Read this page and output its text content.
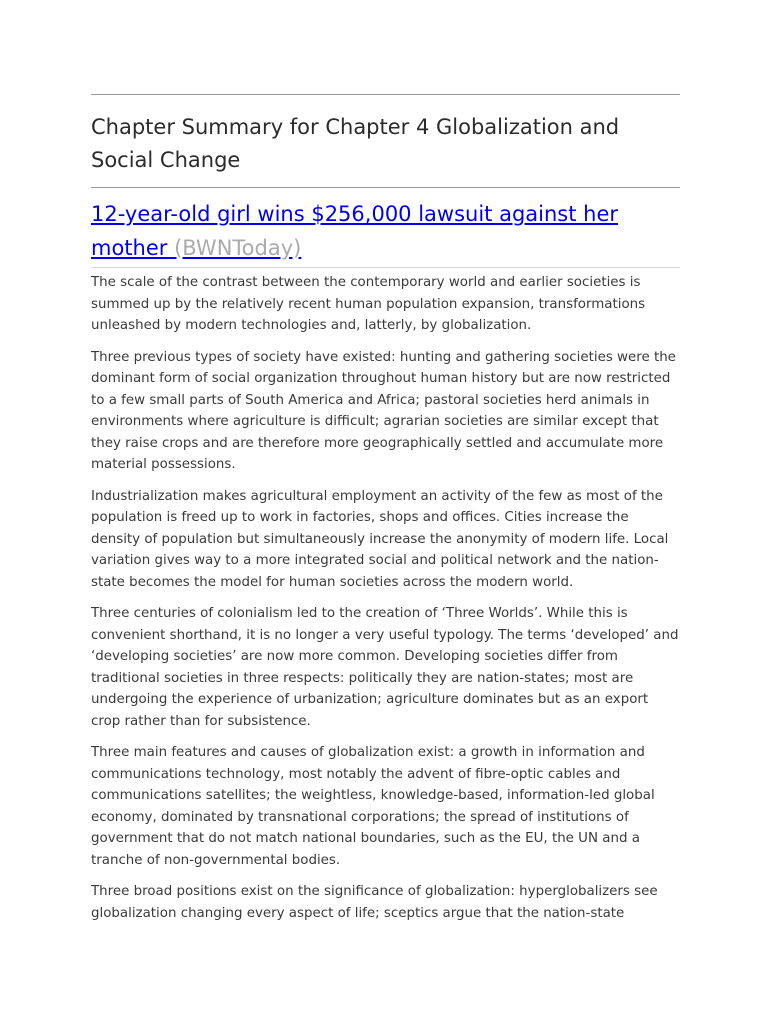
Chapter Summary for Chapter 4 Globalization and Social Change
12-year-old girl wins $256,000 lawsuit against her mother (BWNToday)

The scale of the contrast between the contemporary world and earlier societies is summed up by the relatively recent human population expansion, transformations unleashed by modern technologies and, latterly, by globalization.

Three previous types of society have existed: hunting and gathering societies were the dominant form of social organization throughout human history but are now restricted to a few small parts of South America and Africa; pastoral societies herd animals in environments where agriculture is difficult; agrarian societies are similar except that they raise crops and are therefore more geographically settled and accumulate more material possessions.

Industrialization makes agricultural employment an activity of the few as most of the population is freed up to work in factories, shops and offices. Cities increase the density of population but simultaneously increase the anonymity of modern life. Local variation gives way to a more integrated social and political network and the nation-state becomes the model for human societies across the modern world.

Three centuries of colonialism led to the creation of ‘Three Worlds’. While this is convenient shorthand, it is no longer a very useful typology. The terms ‘developed’ and ‘developing societies’ are now more common. Developing societies differ from traditional societies in three respects: politically they are nation-states; most are undergoing the experience of urbanization; agriculture dominates but as an export crop rather than for subsistence.

Three main features and causes of globalization exist: a growth in information and communications technology, most notably the advent of fibre-optic cables and communications satellites; the weightless, knowledge-based, information-led global economy, dominated by transnational corporations; the spread of institutions of government that do not match national boundaries, such as the EU, the UN and a tranche of non-governmental bodies.

Three broad positions exist on the significance of globalization: hyperglobalizers see globalization changing every aspect of life; sceptics argue that the nation-state
